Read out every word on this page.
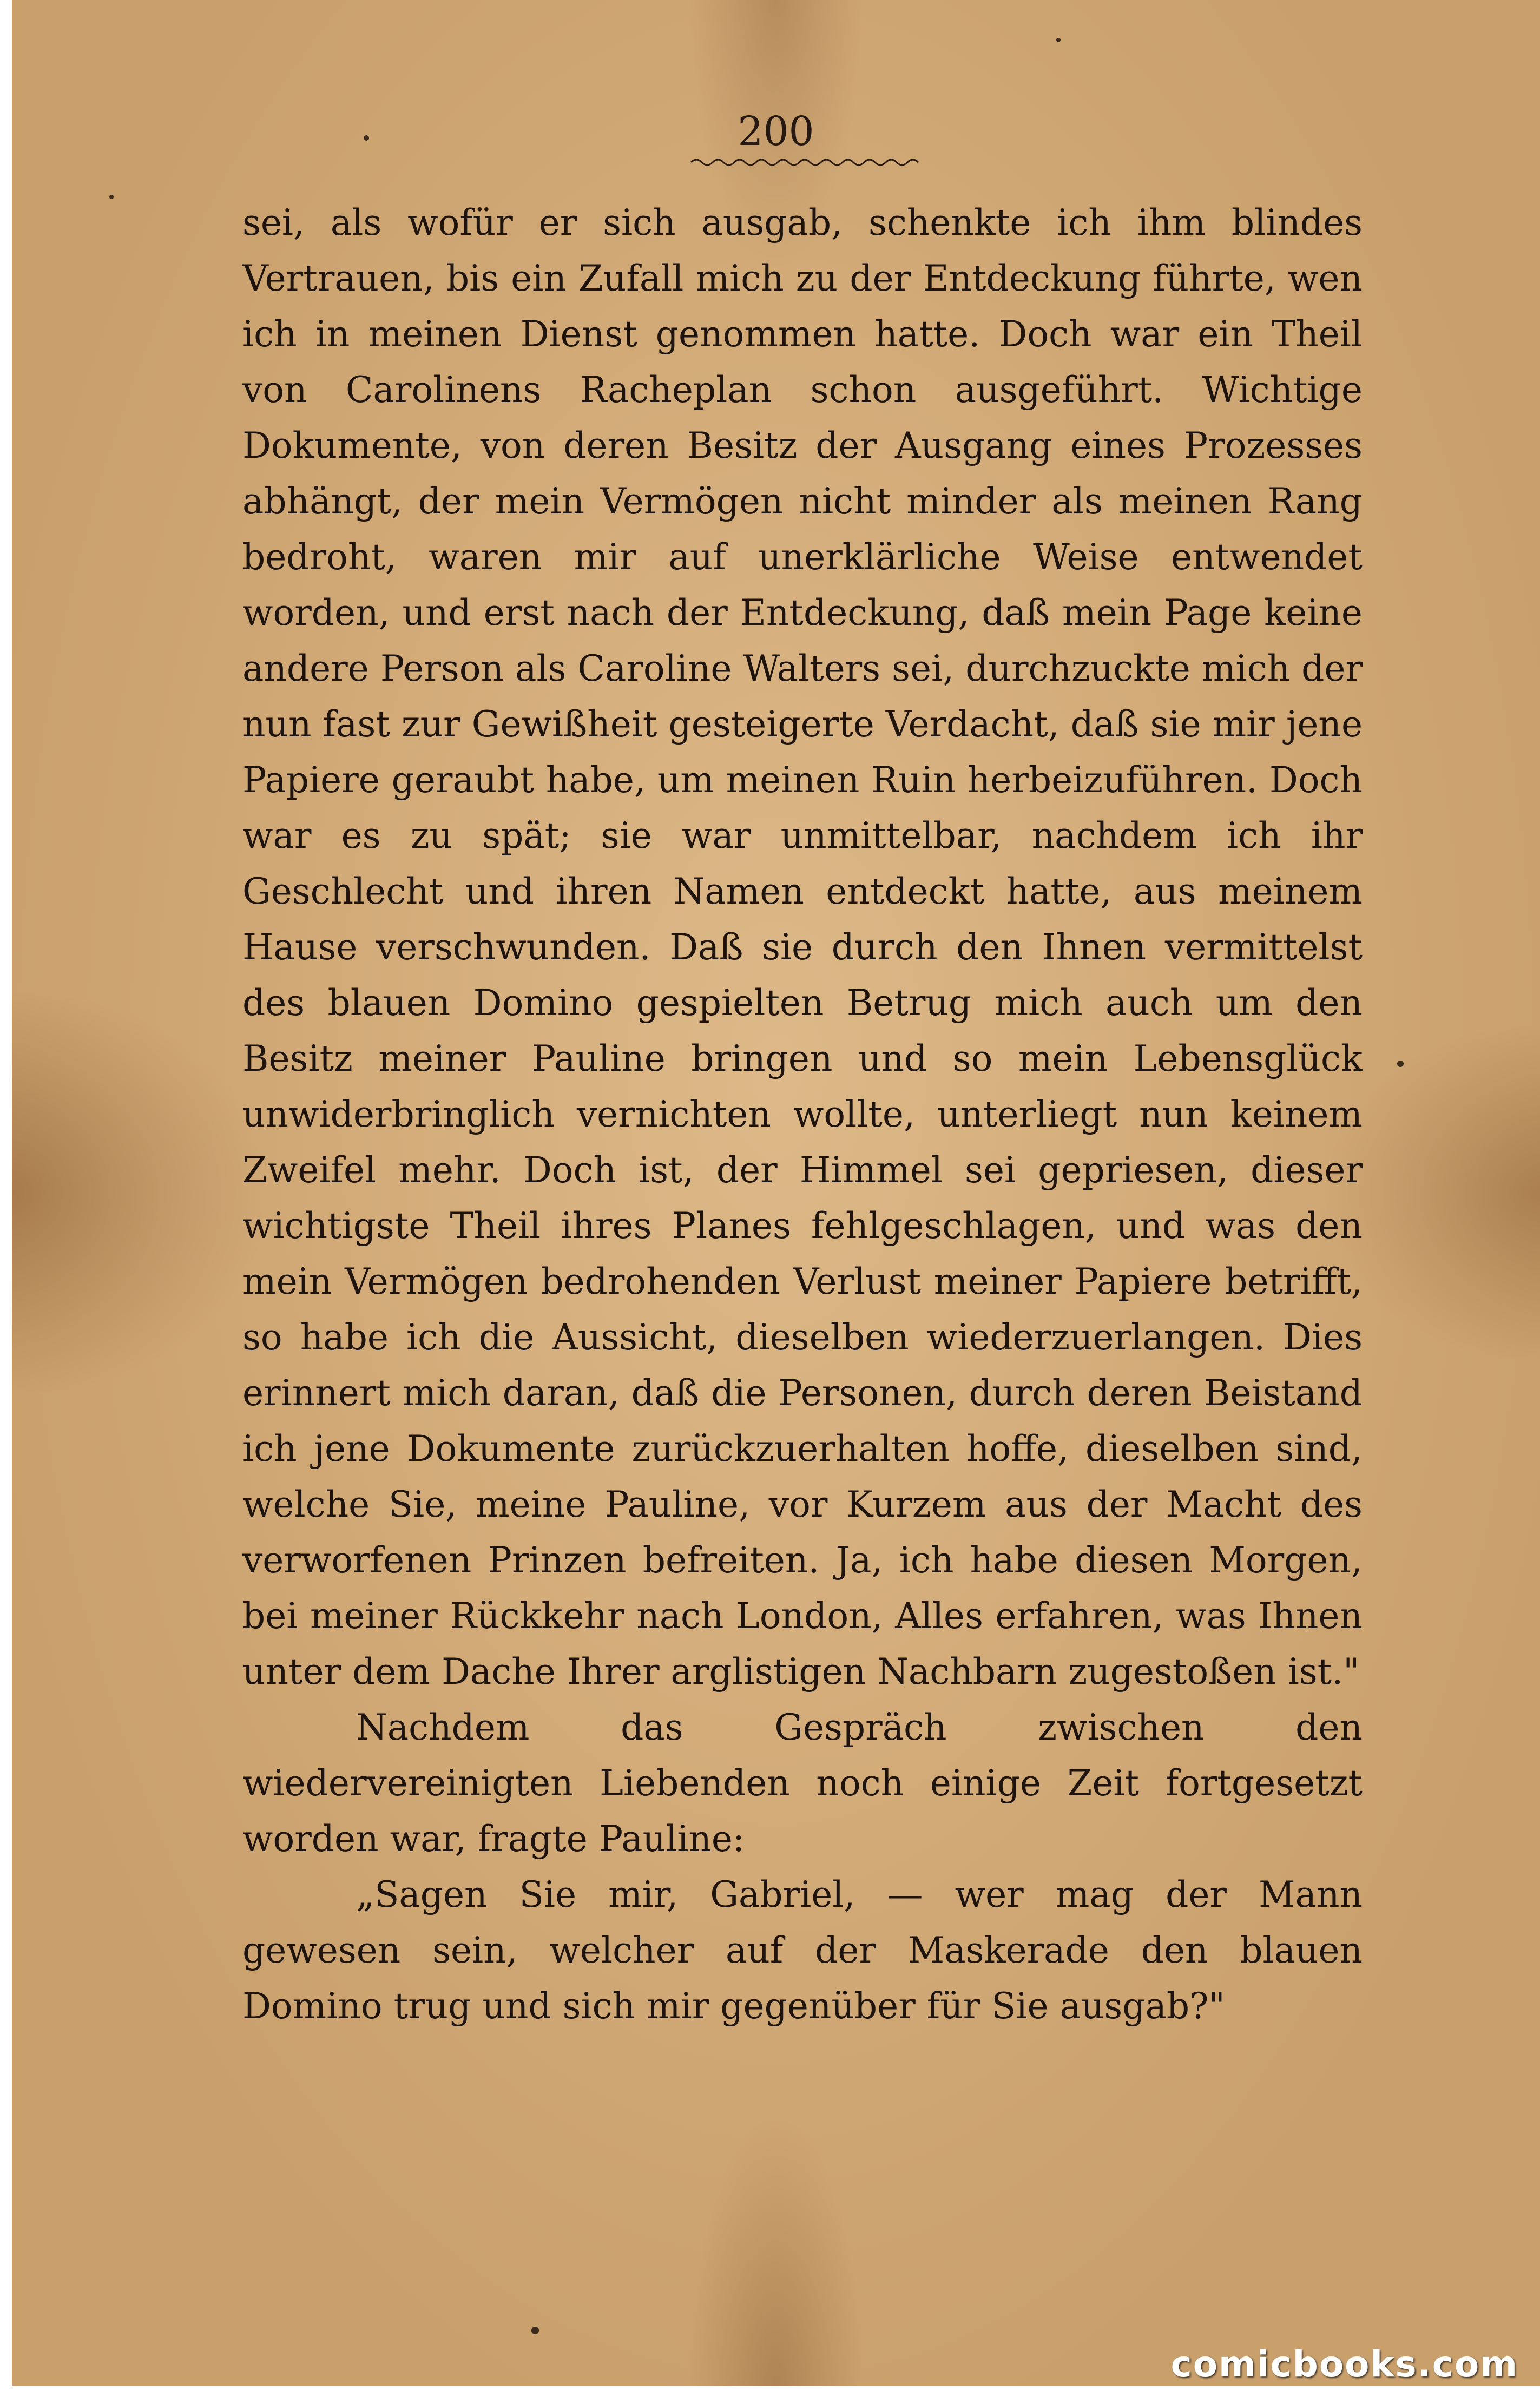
200

sei, als wofür er sich ausgab, schenkte ich ihm blindes Vertrauen, bis ein Zufall mich zu der Entdeckung führte, wen ich in meinen Dienst genommen hatte. Doch war ein Theil von Carolinens Racheplan schon ausgeführt. Wichtige Dokumente, von deren Besitz der Ausgang eines Prozesses abhängt, der mein Vermögen nicht minder als meinen Rang bedroht, waren mir auf unerklärliche Weise entwendet worden, und erst nach der Entdeckung, daß mein Page keine andere Person als Caroline Walters sei, durchzuckte mich der nun fast zur Gewißheit gesteigerte Verdacht, daß sie mir jene Papiere geraubt habe, um meinen Ruin herbeizuführen. Doch war es zu spät; sie war unmittelbar, nachdem ich ihr Geschlecht und ihren Namen entdeckt hatte, aus meinem Hause verschwunden. Daß sie durch den Ihnen vermittelst des blauen Domino gespielten Betrug mich auch um den Besitz meiner Pauline bringen und so mein Lebensglück unwiderbringlich vernichten wollte, unterliegt nun keinem Zweifel mehr. Doch ist, der Himmel sei gepriesen, dieser wichtigste Theil ihres Planes fehlgeschlagen, und was den mein Vermögen bedrohenden Verlust meiner Papiere betrifft, so habe ich die Aussicht, dieselben wiederzuerlangen. Dies erinnert mich daran, daß die Personen, durch deren Beistand ich jene Dokumente zurückzuerhalten hoffe, dieselben sind, welche Sie, meine Pauline, vor Kurzem aus der Macht des verworfenen Prinzen befreiten. Ja, ich habe diesen Morgen, bei meiner Rückkehr nach London, Alles erfahren, was Ihnen unter dem Dache Ihrer arglistigen Nachbarn zugestoßen ist."

Nachdem das Gespräch zwischen den wiedervereinigten Liebenden noch einige Zeit fortgesetzt worden war, fragte Pauline:

„Sagen Sie mir, Gabriel, — wer mag der Mann gewesen sein, welcher auf der Maskerade den blauen Domino trug und sich mir gegenüber für Sie ausgab?"

comicbooks.com
